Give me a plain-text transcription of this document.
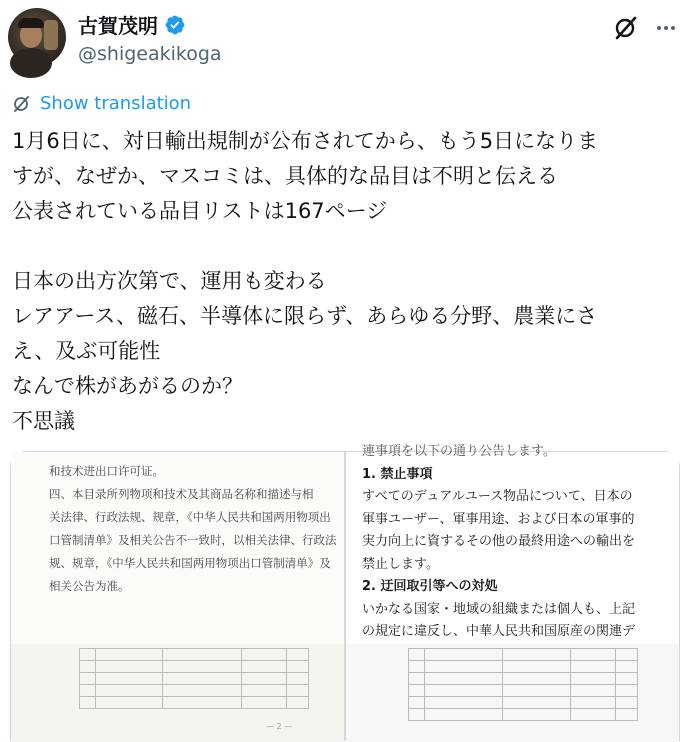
古賀茂明
@shigeakikoga
Show translation
1月6日に、対日輸出規制が公布されてから、もう5日になりま
すが、なぜか、マスコミは、具体的な品目は不明と伝える
公表されている品目リストは167ページ
日本の出方次第で、運用も変わる
レアアース、磁石、半導体に限らず、あらゆる分野、農業にさ
え、及ぶ可能性
なんで株があがるのか？
不思議
和技术进出口许可证。
四、本目录所列物项和技术及其商品名称和描述与相
关法律、行政法规、规章，《中华人民共和国两用物项出
口管制清单》及相关公告不一致时，以相关法律、行政法
规、规章，《中华人民共和国两用物项出口管制清单》及
相关公告为准。

— 2 —
連事項を以下の通り公告します。
1. 禁止事項
すべてのデュアルユース物品について、日本の
軍事ユーザー、軍事用途、および日本の軍事的
実力向上に資するその他の最終用途への輸出を
禁止します。
2. 迂回取引等への対処
いかなる国家・地域の組織または個人も、上記
の規定に違反し、中華人民共和国原産の関連デ
